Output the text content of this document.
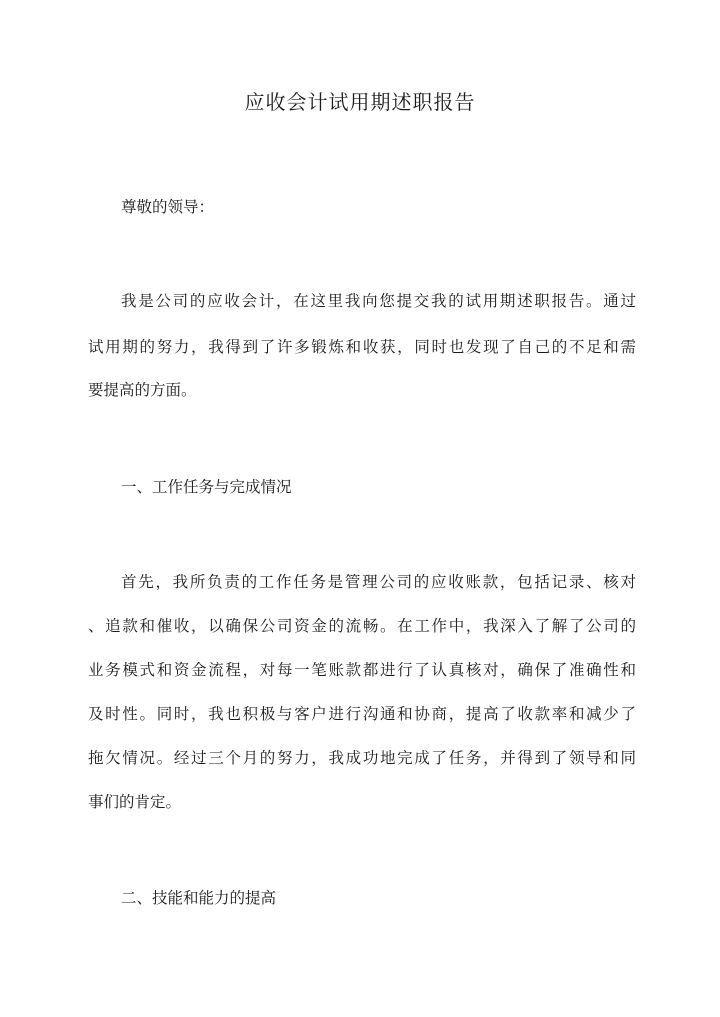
应收会计试用期述职报告

尊敬的领导：

我是公司的应收会计，在这里我向您提交我的试用期述职报告。通过

试用期的努力，我得到了许多锻炼和收获，同时也发现了自己的不足和需

要提高的方面。

一、工作任务与完成情况

首先，我所负责的工作任务是管理公司的应收账款，包括记录、核对

、追款和催收，以确保公司资金的流畅。在工作中，我深入了解了公司的

业务模式和资金流程，对每一笔账款都进行了认真核对，确保了准确性和

及时性。同时，我也积极与客户进行沟通和协商，提高了收款率和减少了

拖欠情况。经过三个月的努力，我成功地完成了任务，并得到了领导和同

事们的肯定。

二、技能和能力的提高
